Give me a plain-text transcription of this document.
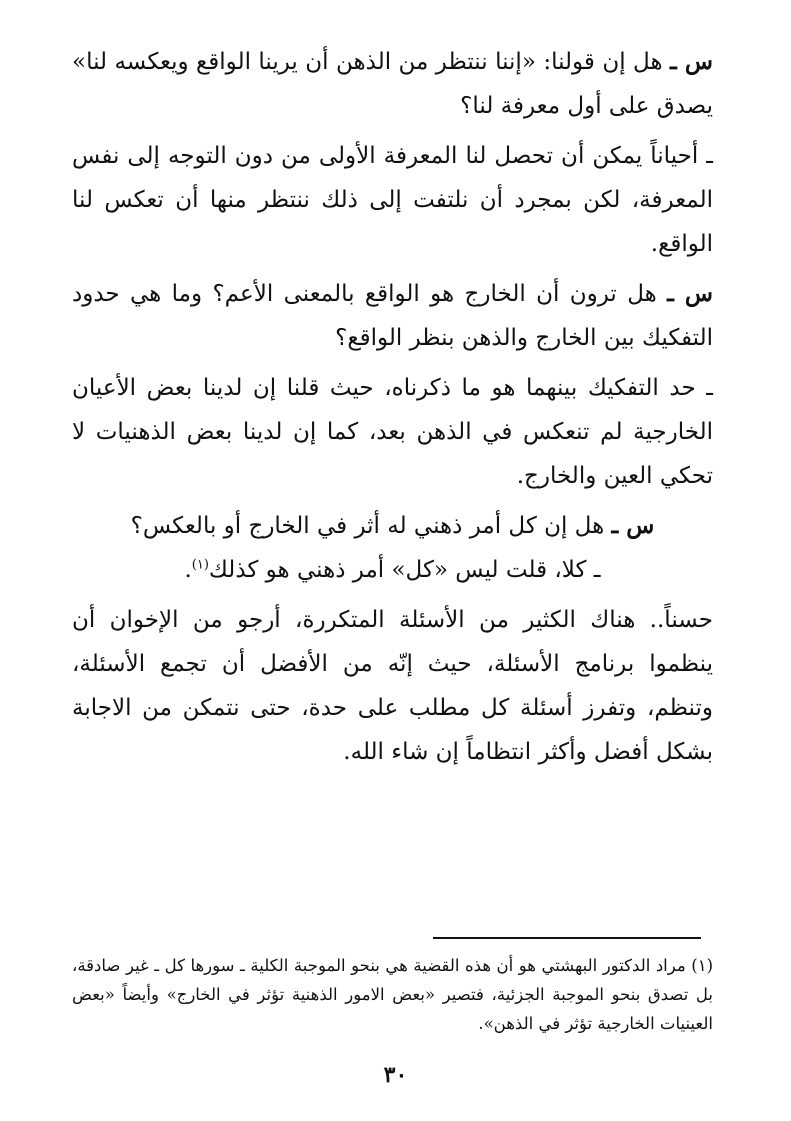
س ـ هل إن قولنا: «إننا ننتظر من الذهن أن يرينا الواقع ويعكسه لنا» يصدق على أول معرفة لنا؟

ـ أحياناً يمكن أن تحصل لنا المعرفة الأولى من دون التوجه إلى نفس المعرفة، لكن بمجرد أن نلتفت إلى ذلك ننتظر منها أن تعكس لنا الواقع.

س ـ هل ترون أن الخارج هو الواقع بالمعنى الأعم؟ وما هي حدود التفكيك بين الخارج والذهن بنظر الواقع؟

ـ حد التفكيك بينهما هو ما ذكرناه، حيث قلنا إن لدينا بعض الأعيان الخارجية لم تنعكس في الذهن بعد، كما إن لدينا بعض الذهنيات لا تحكي العين والخارج.

س ـ هل إن كل أمر ذهني له أثر في الخارج أو بالعكس؟

ـ كلا، قلت ليس «كل» أمر ذهني هو كذلك$^{(١)}$.

حسناً.. هناك الكثير من الأسئلة المتكررة، أرجو من الإخوان أن ينظموا برنامج الأسئلة، حيث إنّه من الأفضل أن تجمع الأسئلة، وتنظم، وتفرز أسئلة كل مطلب على حدة، حتى نتمكن من الاجابة بشكل أفضل وأكثر انتظاماً إن شاء الله.

(١) مراد الدكتور البهشتي هو أن هذه القضية هي بنحو الموجبة الكلية ـ سورها كل ـ غير صادقة، بل تصدق بنحو الموجبة الجزئية، فتصير «بعض الامور الذهنية تؤثر في الخارج» وأيضاً «بعض العينيات الخارجية تؤثر في الذهن».

٣٠
